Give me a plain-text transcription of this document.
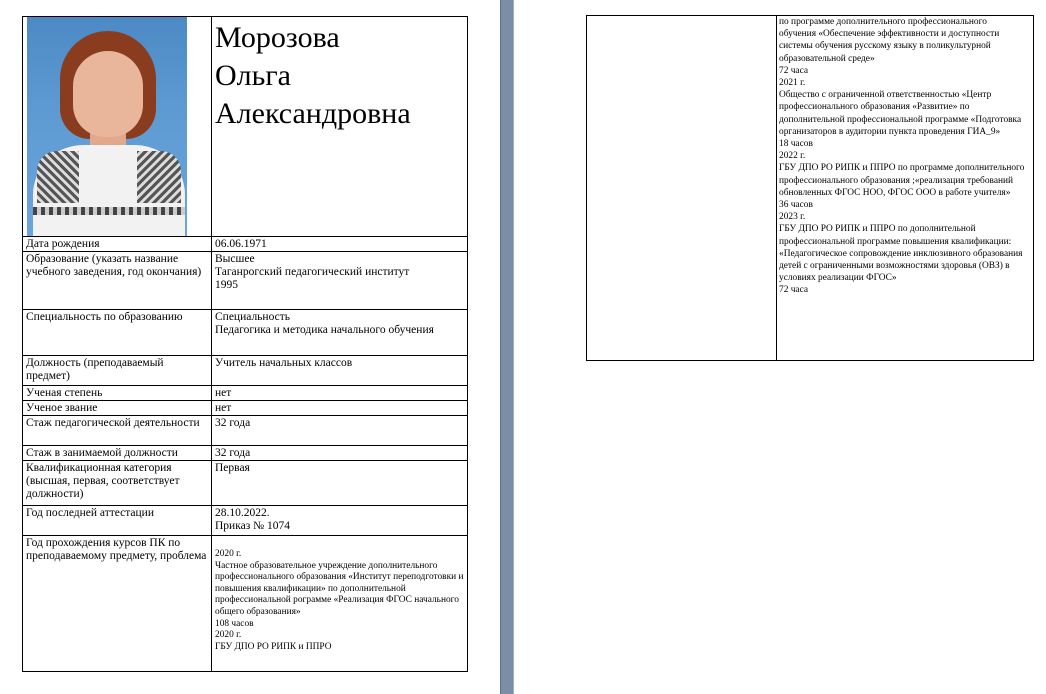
	Морозова
Ольга
Александровна

Дата рождения	06.06.1971
Образование (указать название учебного заведения, год окончания)	Высшее
Таганрогский педагогический институт
1995
Специальность по образованию	Специальность
Педагогика и методика начального обучения
Должность (преподаваемый предмет)	Учитель начальных классов
Ученая степень	нет
Ученое звание	нет
Стаж педагогической деятельности	32 года
Стаж в занимаемой должности	32 года
Квалификационная категория (высшая, первая, соответствует должности)	Первая
Год последней аттестации	28.10.2022.
Приказ № 1074
Год прохождения курсов ПК по преподаваемому предмету, проблема	2020 г.
Частное образовательное учреждение дополнительного профессионального образования «Институт переподготовки и повышения квалификации» по дополнительной профессиональной рограмме «Реализация ФГОС начального общего образования»
108 часов
2020 г.
ГБУ ДПО РО РИПК и ППРО

по программе дополнительного профессионального
обучения «Обеспечение эффективности и доступности системы обучения русскому языку в поликультурной образовательной среде»
72 часа
2021 г.
Общество с ограниченной ответственностью «Центр профессионального образования «Развитие» по дополнительной профессиональной программе «Подготовка организаторов в аудитории пункта проведения ГИА_9»
18 часов
2022 г.
ГБУ ДПО РО РИПК и ППРО по программе дополнительного профессионального образования ;«реализация требований обновленных ФГОС НОО, ФГОС ООО в работе учителя»
36 часов
2023 г.
ГБУ ДПО РО РИПК и ППРО по дополнительной профессиональной программе повышения квалификации: «Педагогическое сопровождение инклюзивного образования детей с ограниченными возможностями здоровья (ОВЗ) в условиях реализации ФГОС»
72 часа
